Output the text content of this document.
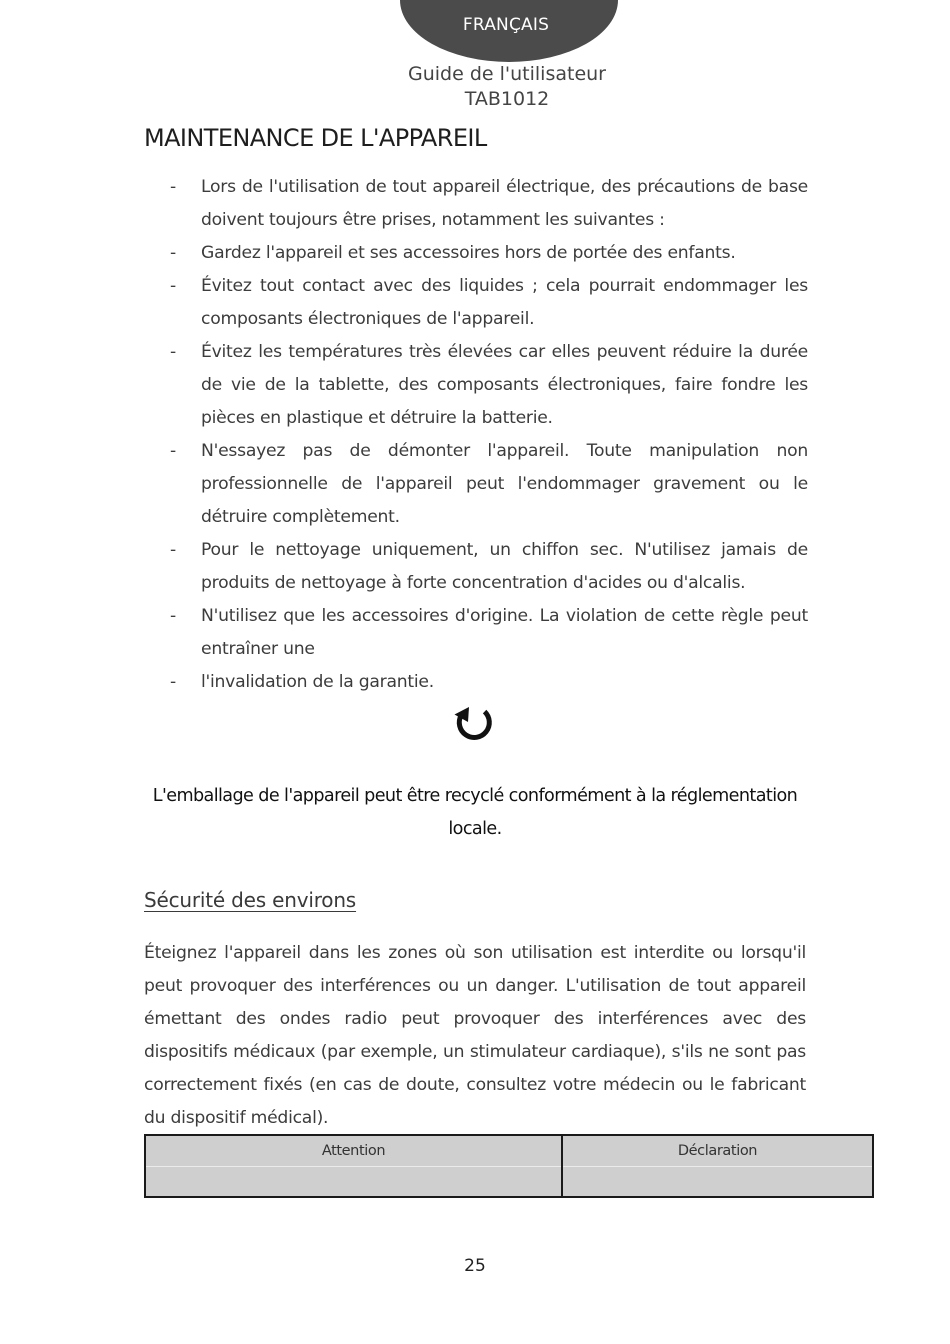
FRANÇAIS
Guide de l'utilisateur
TAB1012
MAINTENANCE DE L'APPAREIL
- Lors de l'utilisation de tout appareil électrique, des précautions de base doivent toujours être prises, notamment les suivantes :
- Gardez l'appareil et ses accessoires hors de portée des enfants.
- Évitez tout contact avec des liquides ; cela pourrait endommager les composants électroniques de l'appareil.
- Évitez les températures très élevées car elles peuvent réduire la durée de vie de la tablette, des composants électroniques, faire fondre les pièces en plastique et détruire la batterie.
- N'essayez pas de démonter l'appareil. Toute manipulation non professionnelle de l'appareil peut l'endommager gravement ou le détruire complètement.
- Pour le nettoyage uniquement, un chiffon sec. N'utilisez jamais de produits de nettoyage à forte concentration d'acides ou d'alcalis.
- N'utilisez que les accessoires d'origine. La violation de cette règle peut entraîner une
- l'invalidation de la garantie.
L'emballage de l'appareil peut être recyclé conformément à la réglementation locale.
Sécurité des environs

Éteignez l'appareil dans les zones où son utilisation est interdite ou lorsqu'il peut provoquer des interférences ou un danger. L'utilisation de tout appareil émettant des ondes radio peut provoquer des interférences avec des dispositifs médicaux (par exemple, un stimulateur cardiaque), s'ils ne sont pas correctement fixés (en cas de doute, consultez votre médecin ou le fabricant du dispositif médical).

Attention	Déclaration
25
